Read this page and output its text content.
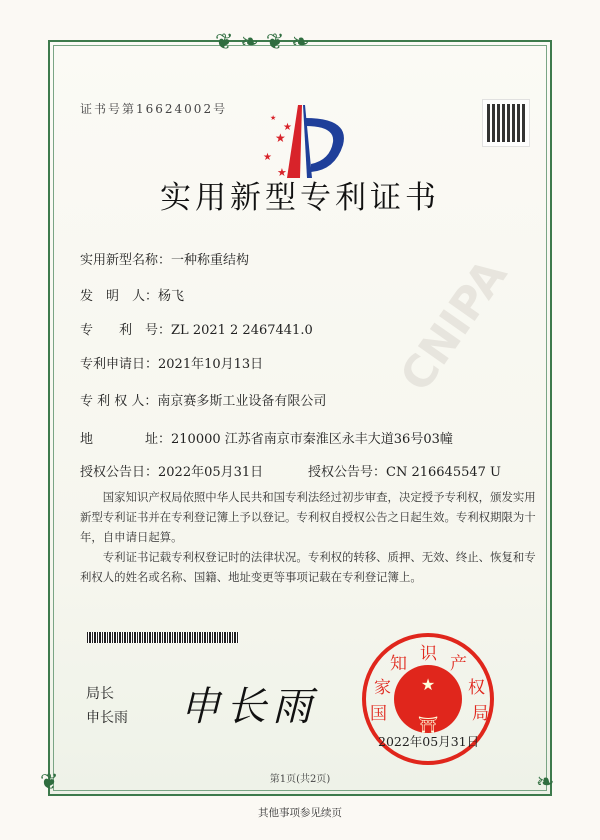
❦ ❧ ❦ ❧
❦	❧
CNIPA
证书号第16624002号
★
★
★
★
★
实用新型专利证书
实用新型名称：一种称重结构
发　明　人：杨飞
专　　利　号：ZL 2021 2 2467441.0
专利申请日：2021年10月13日
专 利 权 人：南京赛多斯工业设备有限公司
地　　　　址：210000 江苏省南京市秦淮区永丰大道36号03幢
授权公告日：2022年05月31日	授权公告号：CN 216645547 U
　　国家知识产权局依照中华人民共和国专利法经过初步审查，决定授予专利权，颁发实用
新型专利证书并在专利登记簿上予以登记。专利权自授权公告之日起生效。专利权期限为十
年，自申请日起算。
　　专利证书记载专利权登记时的法律状况。专利权的转移、质押、无效、终止、恢复和专
利权人的姓名或名称、国籍、地址变更等事项记载在专利登记簿上。
局长
申长雨 申长雨	★
⛩
国
家
知 识 产
权
局
2022年05月31日
第1页(共2页)
其他事项参见续页
